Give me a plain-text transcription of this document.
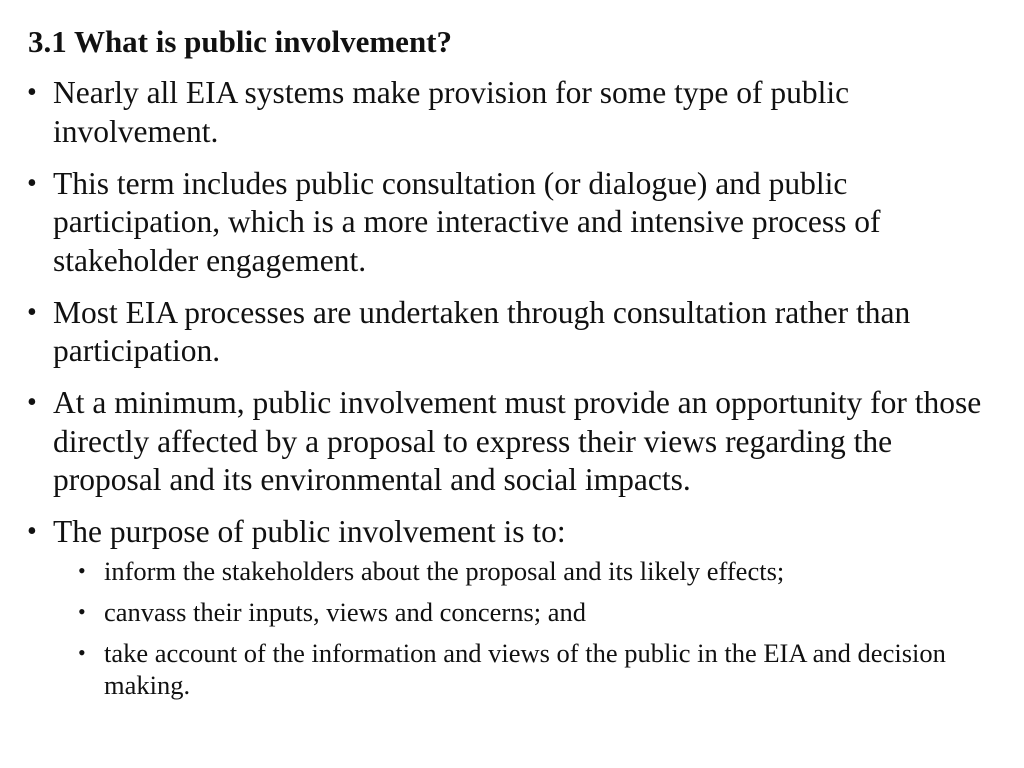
3.1 What is public involvement?
• Nearly all EIA systems make provision for some type of public involvement.
• This term includes public consultation (or dialogue) and public participation, which is a more interactive and intensive process of stakeholder engagement.
• Most EIA processes are undertaken through consultation rather than participation.
• At a minimum, public involvement must provide an opportunity for those directly affected by a proposal to express their views regarding the proposal and its environmental and social impacts.
• The purpose of public involvement is to:
• inform the stakeholders about the proposal and its likely effects;
• canvass their inputs, views and concerns; and
• take account of the information and views of the public in the EIA and decision making.
